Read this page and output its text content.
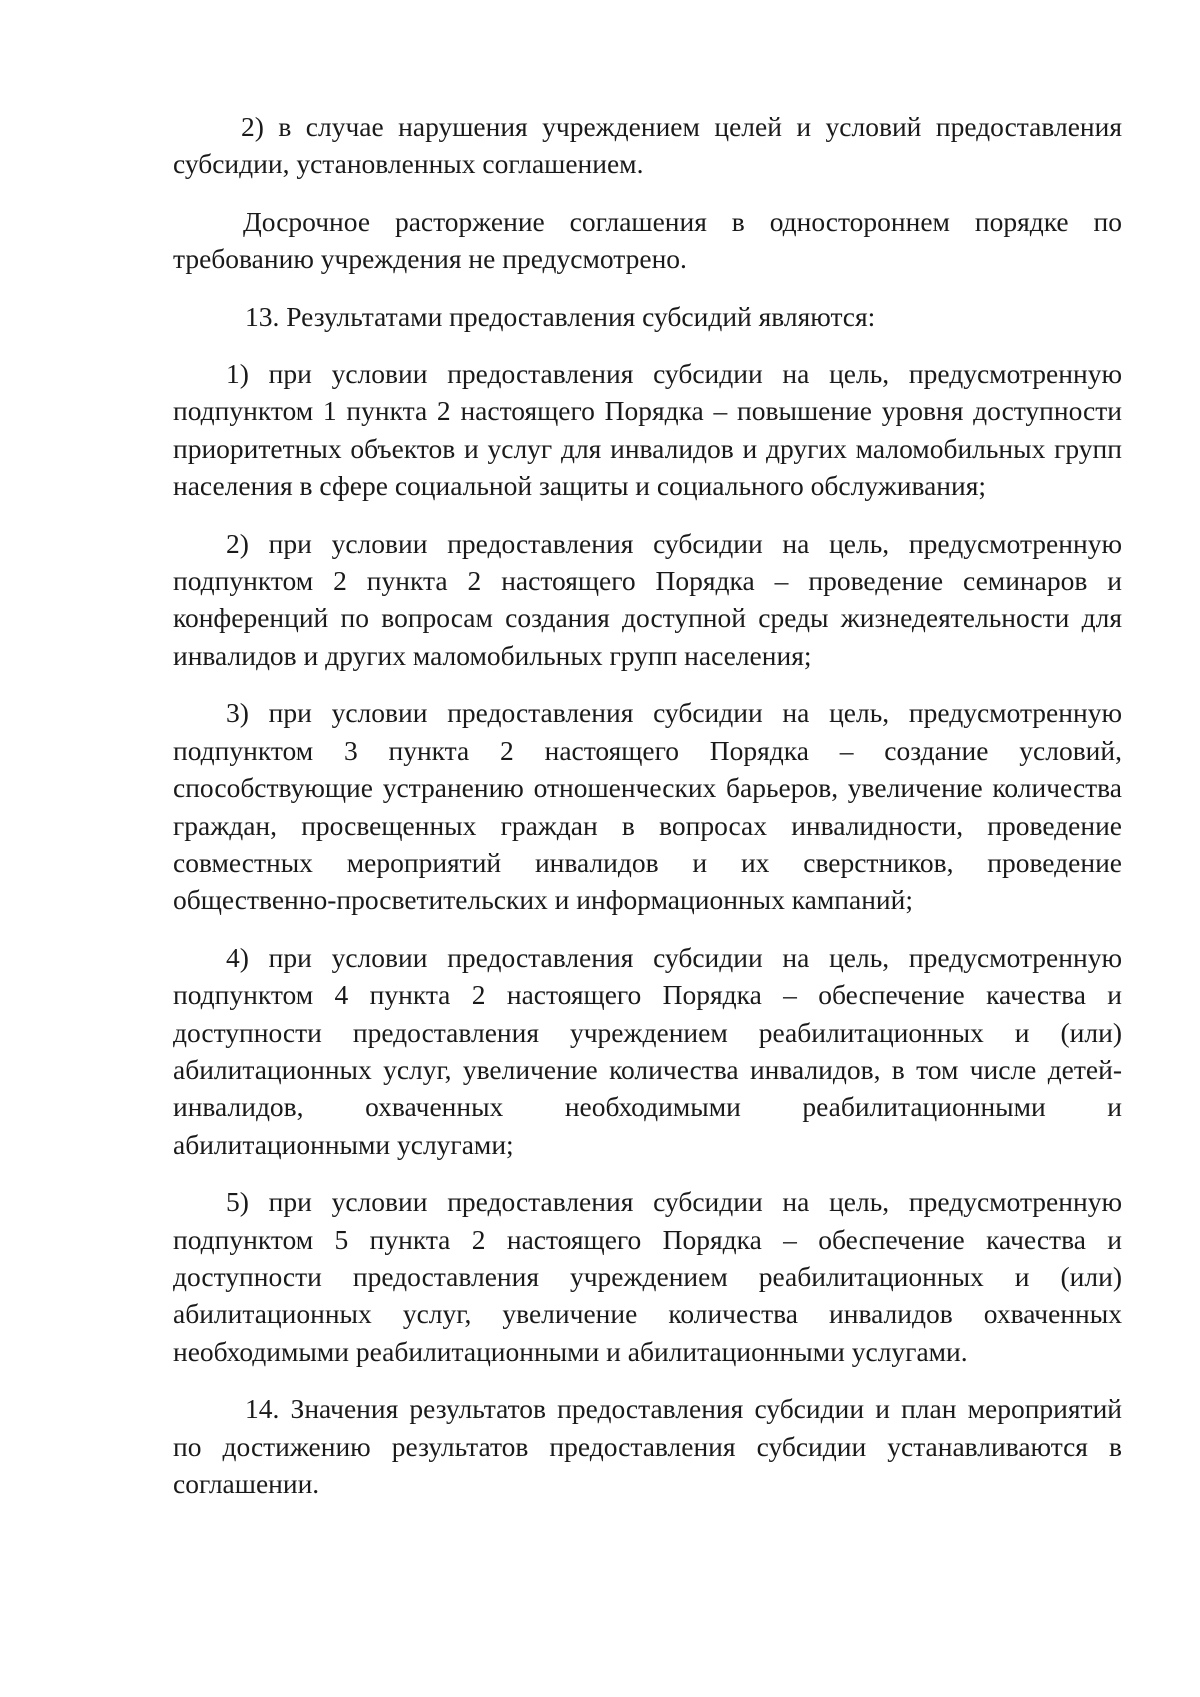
2) в случае нарушения учреждением целей и условий предоставления субсидии, установленных соглашением.

Досрочное расторжение соглашения в одностороннем порядке по требованию учреждения не предусмотрено.

13. Результатами предоставления субсидий являются:

1) при условии предоставления субсидии на цель, предусмотренную подпунктом 1 пункта 2 настоящего Порядка – повышение уровня доступности приоритетных объектов и услуг для инвалидов и других маломобильных групп населения в сфере социальной защиты и социального обслуживания;

2) при условии предоставления субсидии на цель, предусмотренную подпунктом 2 пункта 2 настоящего Порядка – проведение семинаров и конференций по вопросам создания доступной среды жизнедеятельности для инвалидов и других маломобильных групп населения;

3) при условии предоставления субсидии на цель, предусмотренную подпунктом 3 пункта 2 настоящего Порядка – создание условий, способствующие устранению отношенческих барьеров, увеличение количества граждан, просвещенных граждан в вопросах инвалидности, проведение совместных мероприятий инвалидов и их сверстников, проведение общественно-просветительских и информационных кампаний;

4) при условии предоставления субсидии на цель, предусмотренную подпунктом 4 пункта 2 настоящего Порядка – обеспечение качества и доступности предоставления учреждением реабилитационных и (или) абилитационных услуг, увеличение количества инвалидов, в том числе детей-инвалидов, охваченных необходимыми реабилитационными и абилитационными услугами;

5) при условии предоставления субсидии на цель, предусмотренную подпунктом 5 пункта 2 настоящего Порядка – обеспечение качества и доступности предоставления учреждением реабилитационных и (или) абилитационных услуг, увеличение количества инвалидов охваченных необходимыми реабилитационными и абилитационными услугами.

14. Значения результатов предоставления субсидии и план мероприятий по достижению результатов предоставления субсидии устанавливаются в соглашении.
